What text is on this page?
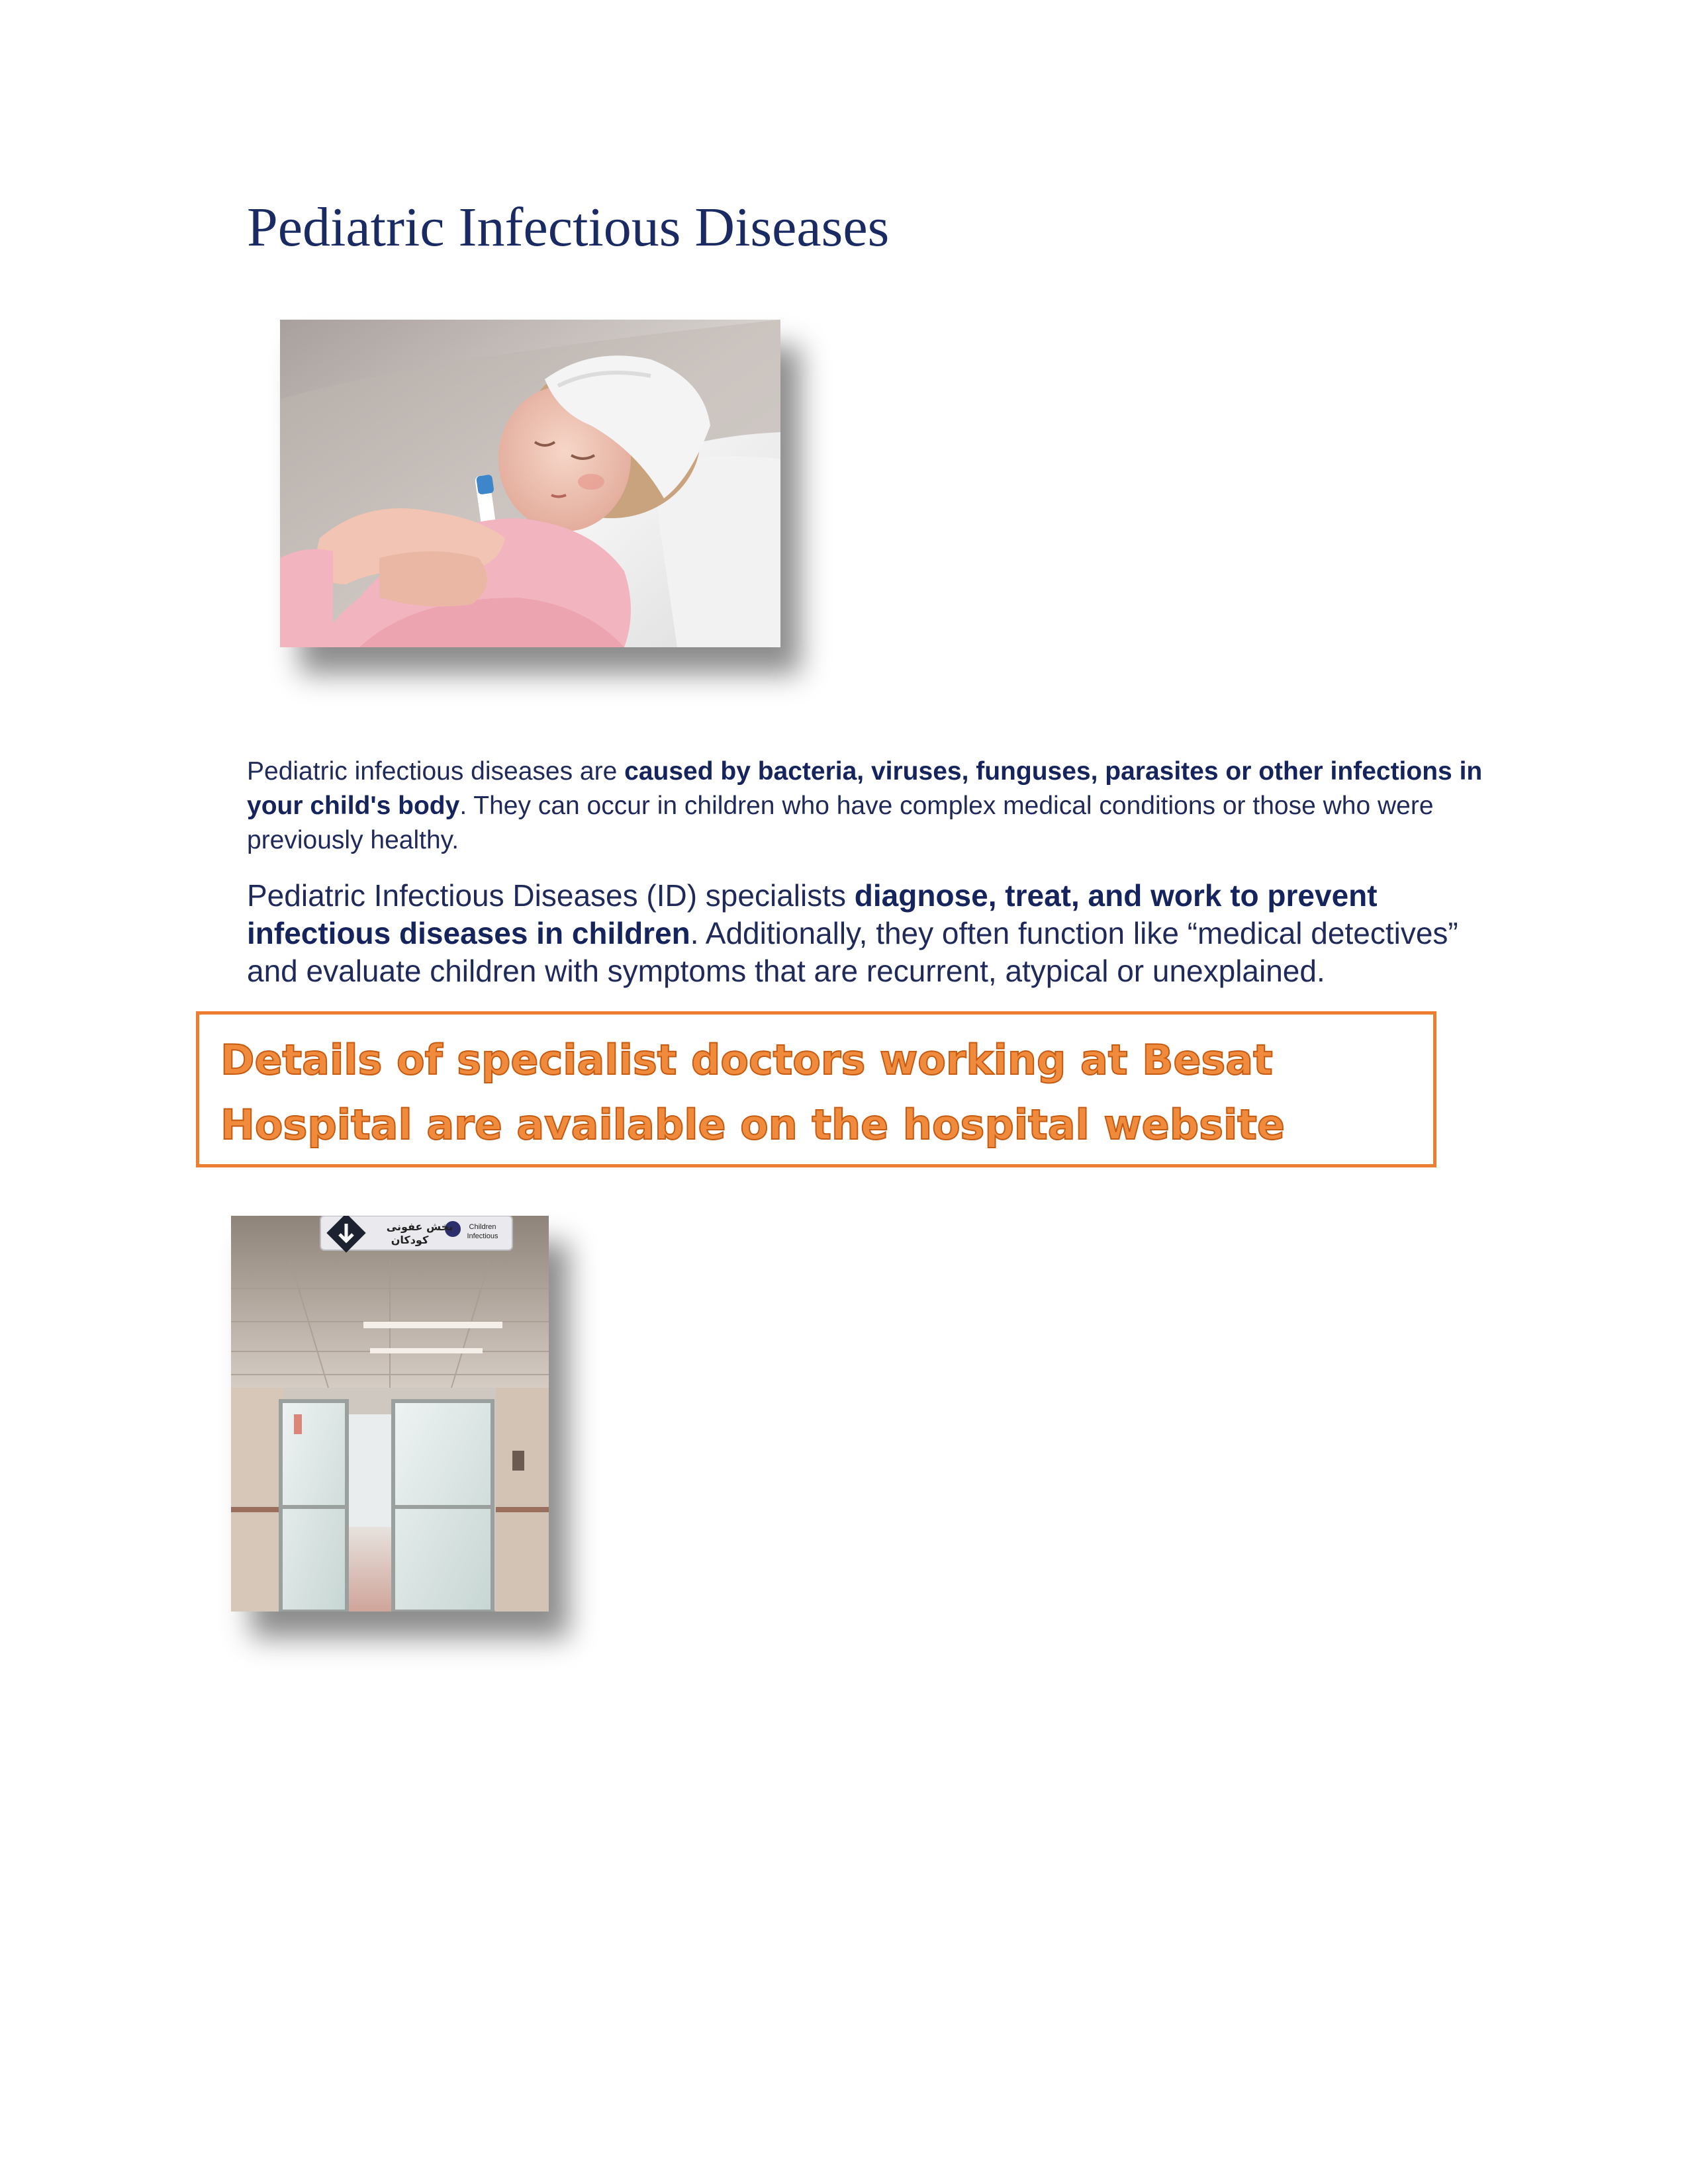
Pediatric Infectious Diseases

Pediatric infectious diseases are caused by bacteria, viruses, funguses, parasites or other infections in your child's body. They can occur in children who have complex medical conditions or those who were previously healthy.

Pediatric Infectious Diseases (ID) specialists diagnose, treat, and work to prevent infectious diseases in children. Additionally, they often function like “medical detectives” and evaluate children with symptoms that are recurrent, atypical or unexplained.

Details of specialist doctors working at Besat Hospital are available on the hospital website
بخش عفونی
کودکان
Children
Infectious
